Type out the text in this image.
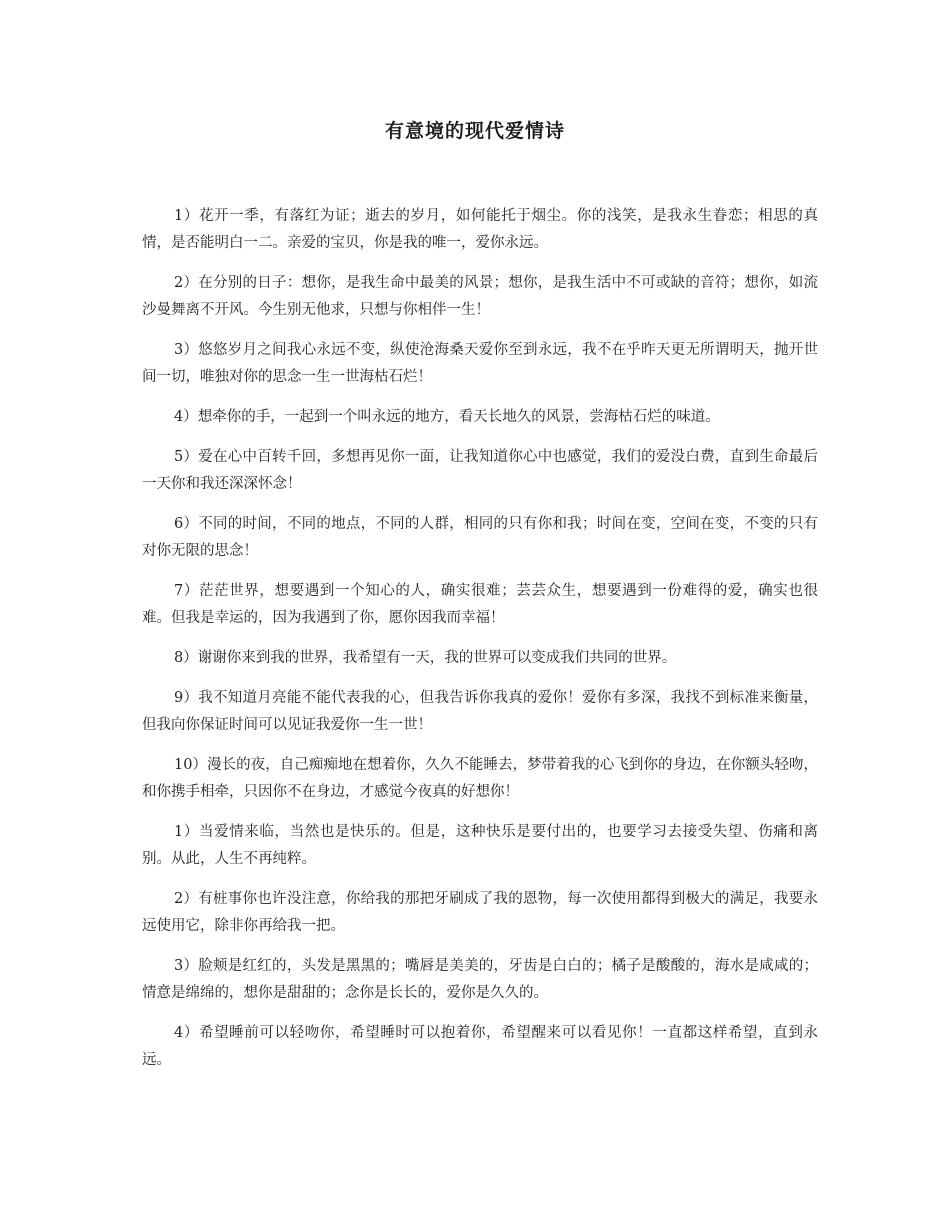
有意境的现代爱情诗

1）花开一季，有落红为证；逝去的岁月，如何能托于烟尘。你的浅笑，是我永生眷恋；相思的真情，是否能明白一二。亲爱的宝贝，你是我的唯一，爱你永远。

2）在分别的日子：想你，是我生命中最美的风景；想你，是我生活中不可或缺的音符；想你，如流沙曼舞离不开风。今生别无他求，只想与你相伴一生！

3）悠悠岁月之间我心永远不变，纵使沧海桑天爱你至到永远，我不在乎昨天更无所谓明天，抛开世间一切，唯独对你的思念一生一世海枯石烂！

4）想牵你的手，一起到一个叫永远的地方，看天长地久的风景，尝海枯石烂的味道。

5）爱在心中百转千回，多想再见你一面，让我知道你心中也感觉，我们的爱没白费，直到生命最后一天你和我还深深怀念！

6）不同的时间，不同的地点，不同的人群，相同的只有你和我；时间在变，空间在变，不变的只有对你无限的思念！

7）茫茫世界，想要遇到一个知心的人，确实很难；芸芸众生，想要遇到一份难得的爱，确实也很难。但我是幸运的，因为我遇到了你，愿你因我而幸福！

8）谢谢你来到我的世界，我希望有一天，我的世界可以变成我们共同的世界。

9）我不知道月亮能不能代表我的心，但我告诉你我真的爱你！爱你有多深，我找不到标准来衡量，但我向你保证时间可以见证我爱你一生一世！

10）漫长的夜，自己痴痴地在想着你，久久不能睡去，梦带着我的心飞到你的身边，在你额头轻吻，和你携手相牵，只因你不在身边，才感觉今夜真的好想你！

1）当爱情来临，当然也是快乐的。但是，这种快乐是要付出的，也要学习去接受失望、伤痛和离别。从此，人生不再纯粹。

2）有桩事你也许没注意，你给我的那把牙刷成了我的恩物，每一次使用都得到极大的满足，我要永远使用它，除非你再给我一把。

3）脸颊是红红的，头发是黑黑的；嘴唇是美美的，牙齿是白白的；橘子是酸酸的，海水是咸咸的；情意是绵绵的，想你是甜甜的；念你是长长的，爱你是久久的。

4）希望睡前可以轻吻你，希望睡时可以抱着你，希望醒来可以看见你！一直都这样希望，直到永远。
